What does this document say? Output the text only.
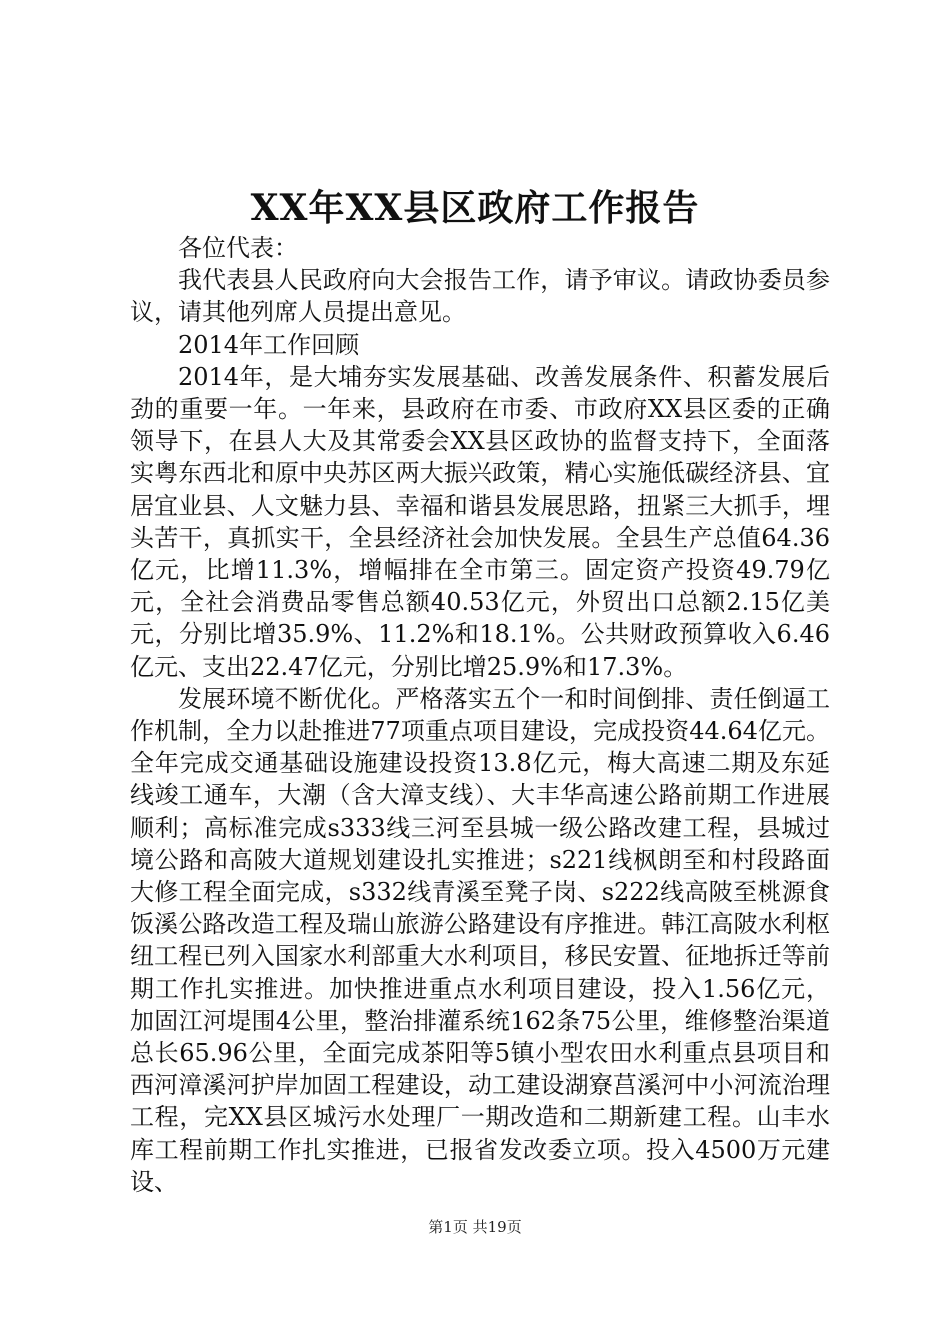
XX年XX县区政府工作报告

各位代表：

我代表县人民政府向大会报告工作，请予审议。请政协委员参议，请其他列席人员提出意见。

2014年工作回顾

2014年，是大埔夯实发展基础、改善发展条件、积蓄发展后劲的重要一年。一年来，县政府在市委、市政府XX县区委的正确领导下，在县人大及其常委会XX县区政协的监督支持下，全面落实粤东西北和原中央苏区两大振兴政策，精心实施低碳经济县、宜居宜业县、人文魅力县、幸福和谐县发展思路，扭紧三大抓手，埋头苦干，真抓实干，全县经济社会加快发展。全县生产总值64.36亿元，比增11.3%，增幅排在全市第三。固定资产投资49.79亿元，全社会消费品零售总额40.53亿元，外贸出口总额2.15亿美元，分别比增35.9%、11.2%和18.1%。公共财政预算收入6.46亿元、支出22.47亿元，分别比增25.9%和17.3%。

发展环境不断优化。严格落实五个一和时间倒排、责任倒逼工作机制，全力以赴推进77项重点项目建设，完成投资44.64亿元。全年完成交通基础设施建设投资13.8亿元，梅大高速二期及东延线竣工通车，大潮（含大漳支线）、大丰华高速公路前期工作进展顺利；高标准完成s333线三河至县城一级公路改建工程，县城过境公路和高陂大道规划建设扎实推进；s221线枫朗至和村段路面大修工程全面完成，s332线青溪至凳子岗、s222线高陂至桃源食饭溪公路改造工程及瑞山旅游公路建设有序推进。韩江高陂水利枢纽工程已列入国家水利部重大水利项目，移民安置、征地拆迁等前期工作扎实推进。加快推进重点水利项目建设，投入1.56亿元，加固江河堤围4公里，整治排灌系统162条75公里，维修整治渠道总长65.96公里，全面完成茶阳等5镇小型农田水利重点县项目和西河漳溪河护岸加固工程建设，动工建设湖寮莒溪河中小河流治理工程，完XX县区城污水处理厂一期改造和二期新建工程。山丰水库工程前期工作扎实推进，已报省发改委立项。投入4500万元建设、

第1页 共19页
